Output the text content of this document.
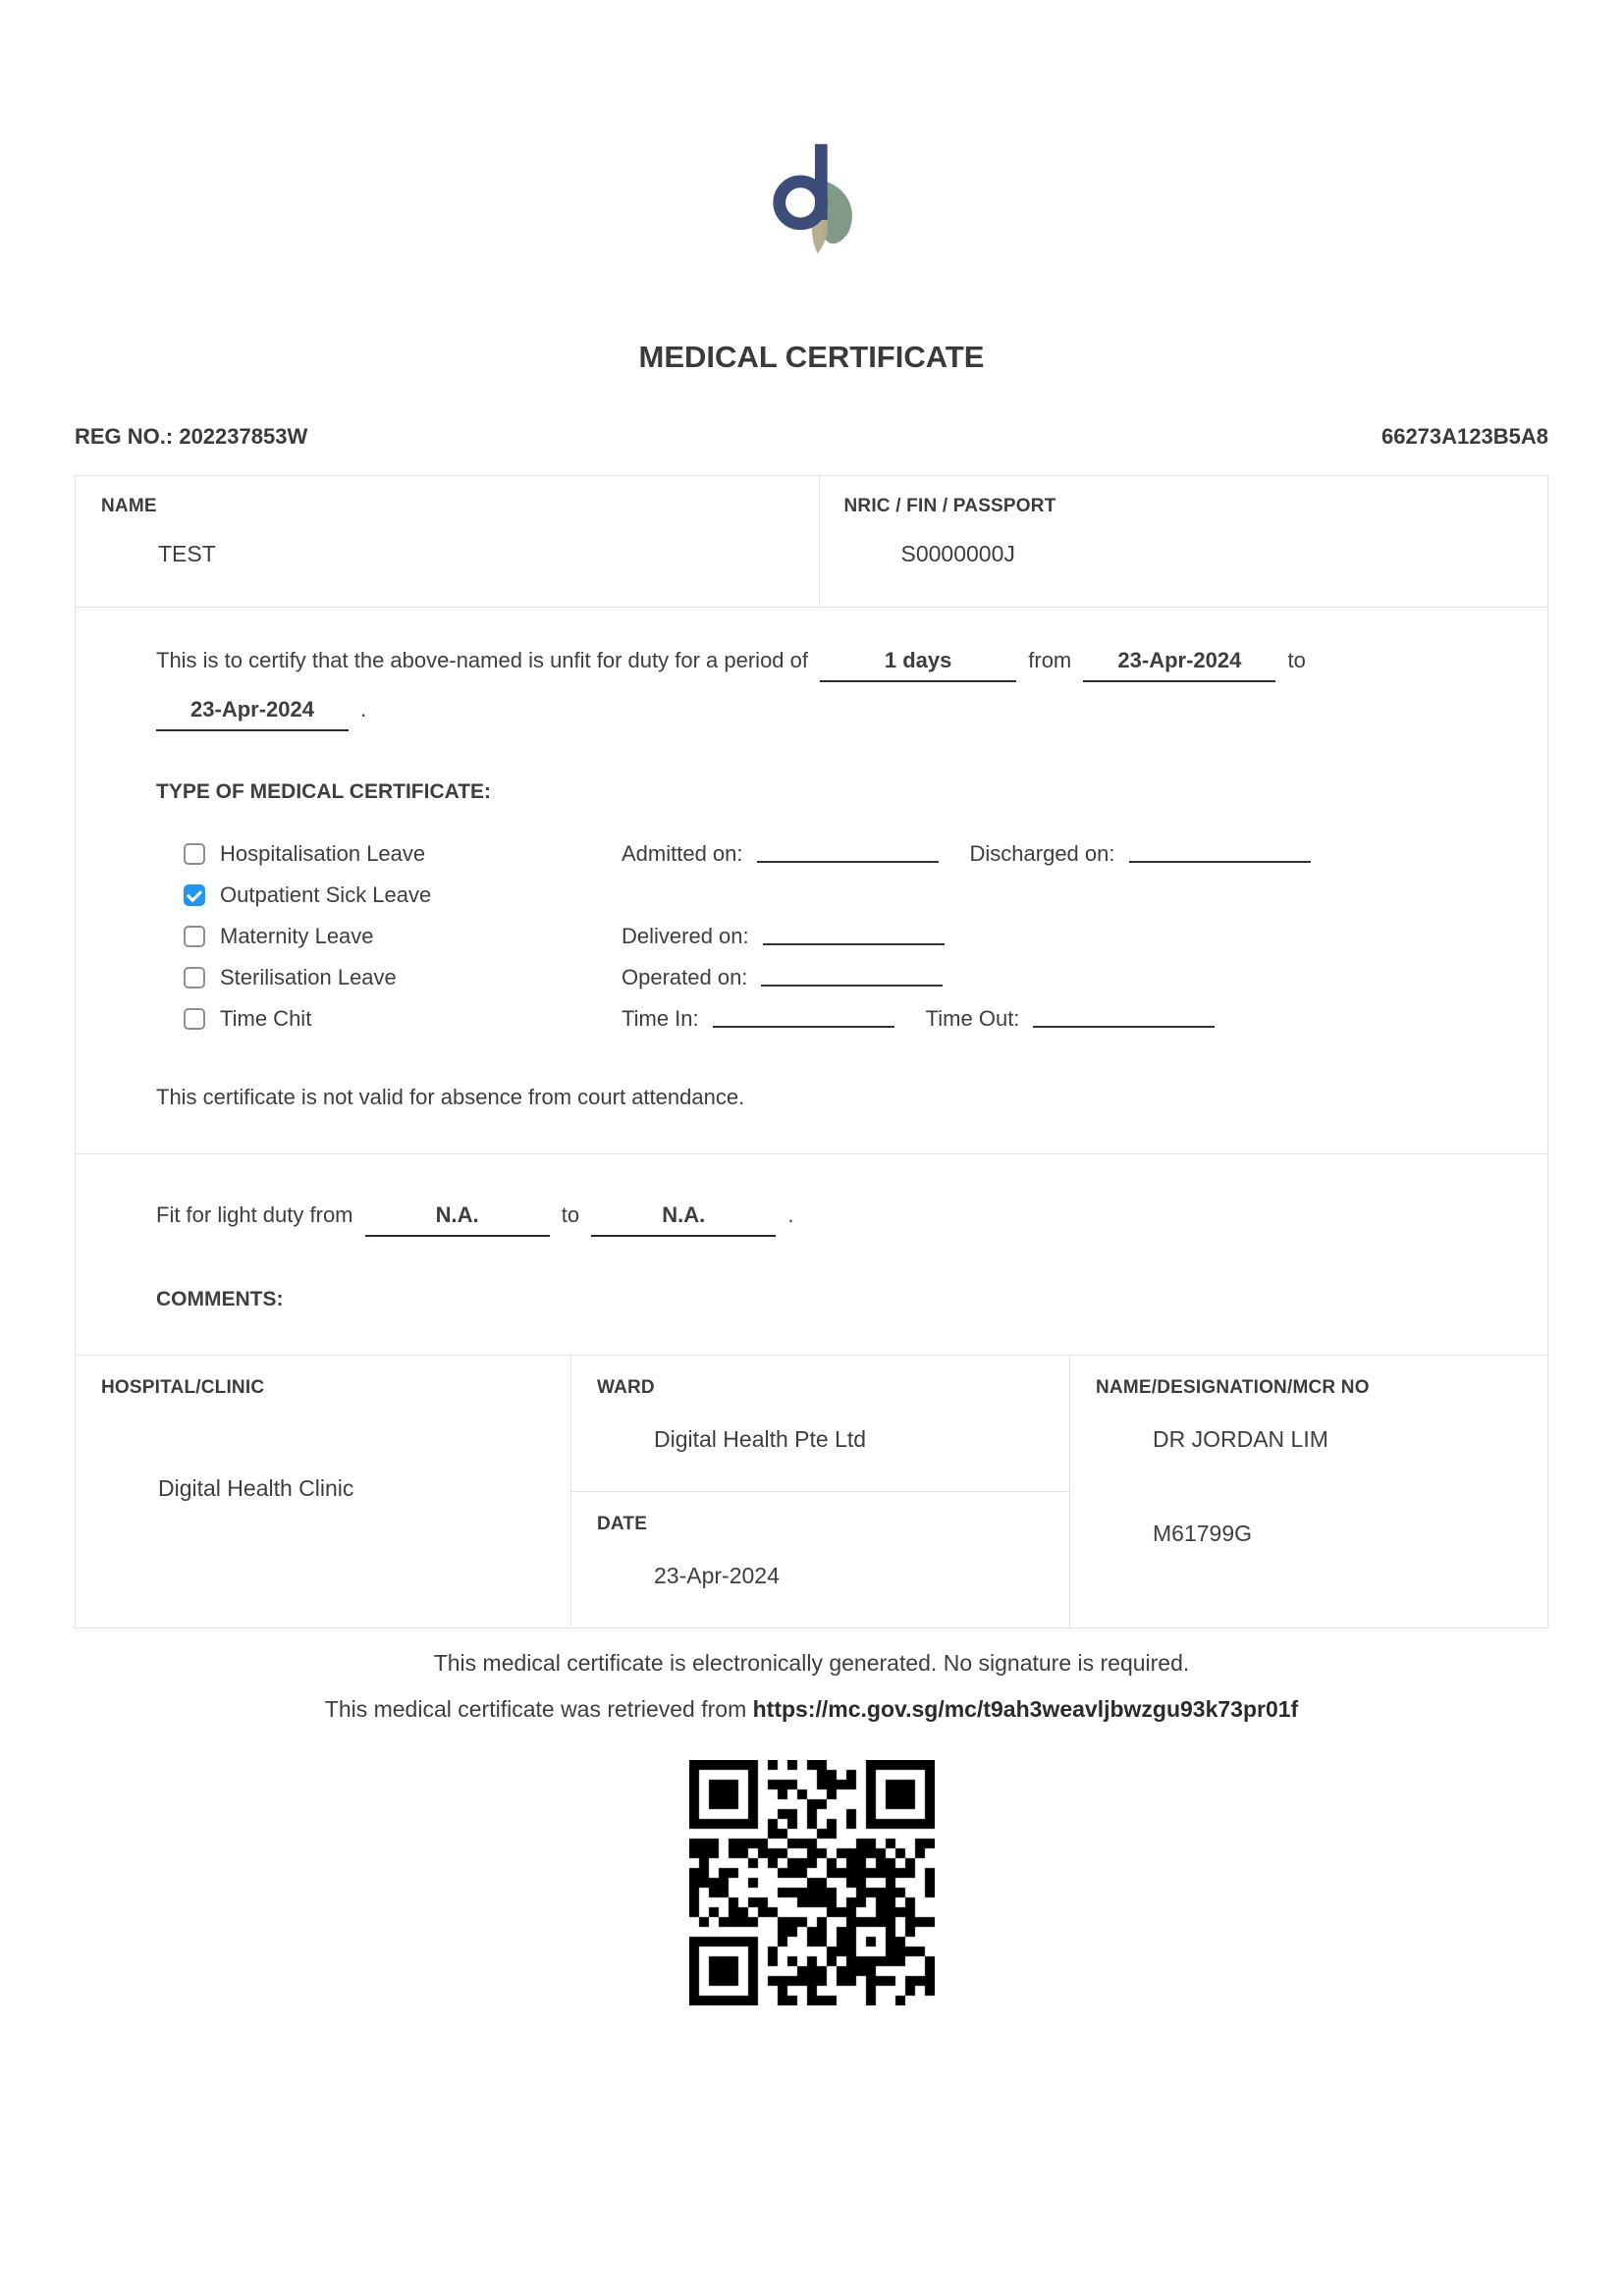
MEDICAL CERTIFICATE
REG NO.: 202237853W	66273A123B5A8
NAME
TEST
NRIC / FIN / PASSPORT
S0000000J
This is to certify that the above-named is unfit for duty for a period of	1 days	from 23-Apr-2024 to
23-Apr-2024 .
TYPE OF MEDICAL CERTIFICATE:
Hospitalisation Leave	Admitted on:	Discharged on:
Outpatient Sick Leave
Maternity Leave	Delivered on:
Sterilisation Leave	Operated on:
Time Chit	Time In:	Time Out:

This certificate is not valid for absence from court attendance.

Fit for light duty from	N.A.	to	N.A.	.
COMMENTS:
HOSPITAL/CLINIC
Digital Health Clinic
WARD
Digital Health Pte Ltd
DATE
23-Apr-2024
NAME/DESIGNATION/MCR NO
DR JORDAN LIM
M61799G

This medical certificate is electronically generated. No signature is required.

This medical certificate was retrieved from https://mc.gov.sg/mc/t9ah3weavljbwzgu93k73pr01f
